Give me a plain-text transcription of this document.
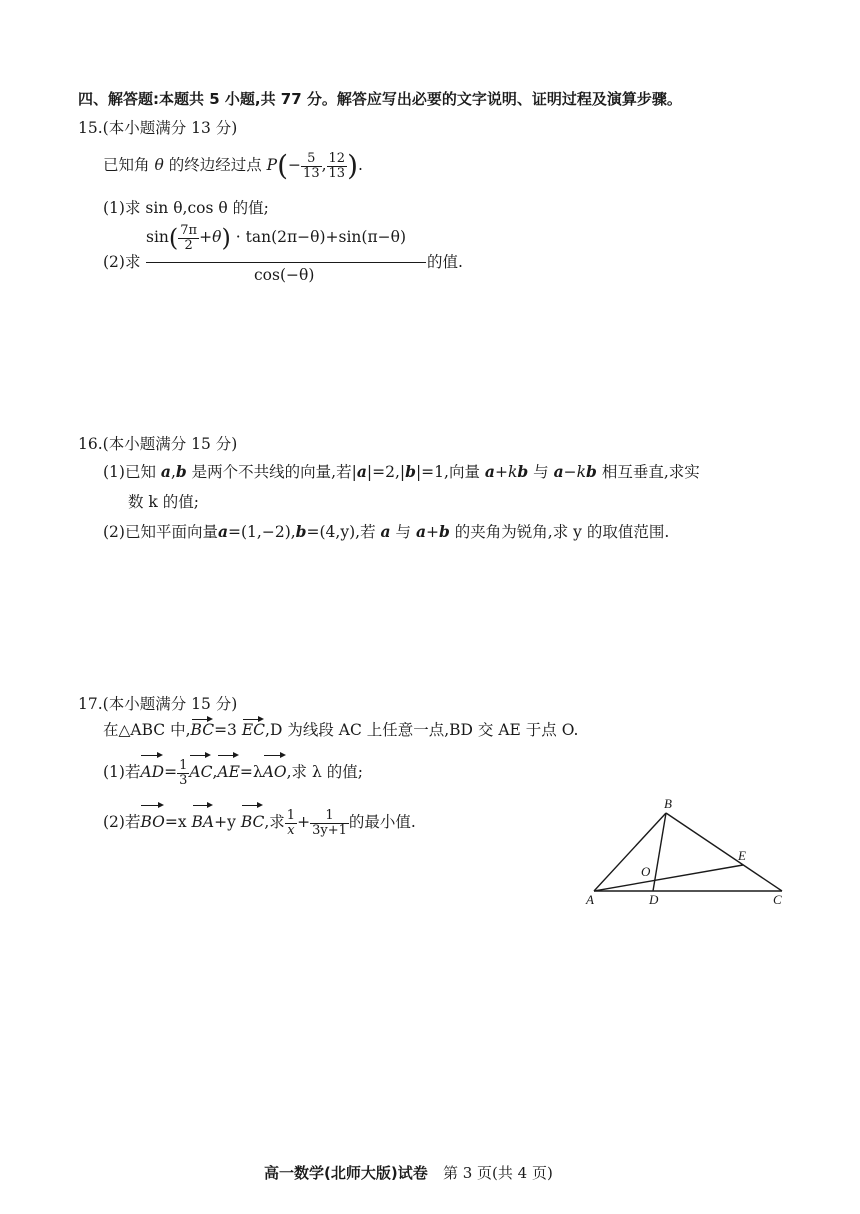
四、解答题:本题共 5 小题,共 77 分。解答应写出必要的文字说明、证明过程及演算步骤。
15.(本小题满分 13 分)
已知角 θ 的终边经过点 $P(- \frac{5}{13}$ , $\frac{12}{13}$ ).
(1)求 sin θ,cos θ 的值;
(2)求
$\sin( \frac{7\pi}{2} +\theta) \cdot \tan(2\pi-\theta)+\sin(\pi-\theta)$
cos(−θ)
的值.
16.(本小题满分 15 分)
(1)已知 a,b 是两个不共线的向量,若|a|=2,|b|=1,向量 a+kb 与 a−kb 相互垂直,求实
数 k 的值;
(2)已知平面向量a=(1,−2),b=(4,y),若 a 与 a+b 的夹角为锐角,求 y 的取值范围.
17.(本小题满分 15 分)
在△ABC 中,BC=3 EC,D 为线段 AC 上任意一点,BD 交 AE 于点 O.
(1)若$AD= \frac{1}{3} AC,AE=\lambda AO$,求 λ 的值;
(2)若BO=x BA+y BC,求 $\frac{1}{x} + \frac{1}{3y+1}$ 的最小值.
A
B
C
D
E
O
高一数学(北师大版)试卷 第 3 页(共 4 页)
